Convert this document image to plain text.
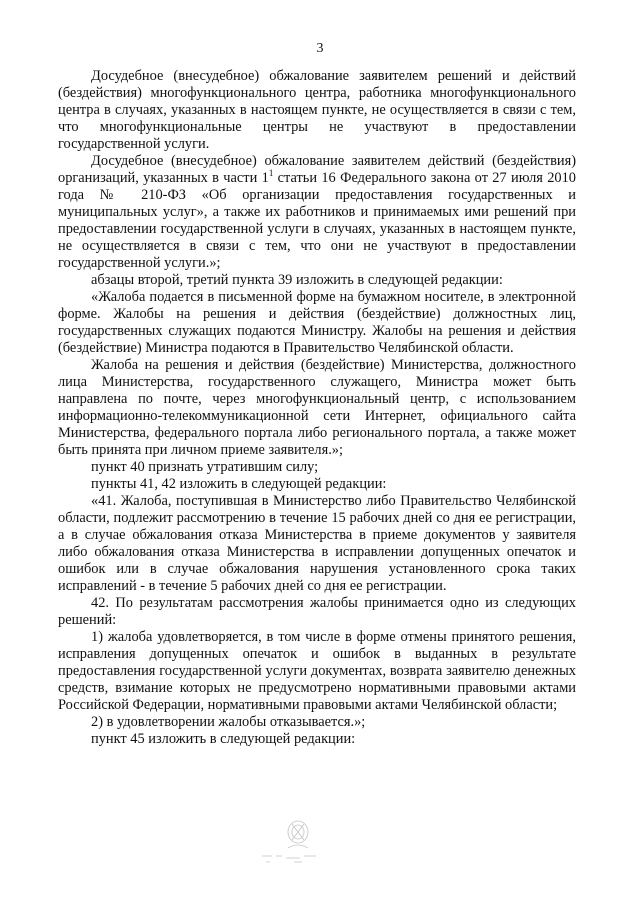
3

Досудебное (внесудебное) обжалование заявителем решений и действий (бездействия) многофункционального центра, работника многофункционального центра в случаях, указанных в настоящем пункте, не осуществляется в связи с тем, что многофункциональные центры не участвуют в предоставлении государственной услуги.

Досудебное (внесудебное) обжалование заявителем действий (бездействия) организаций, указанных в части $1^1$ статьи 16 Федерального закона от 27 июля 2010 года № 210-ФЗ «Об организации предоставления государственных и муниципальных услуг», а также их работников и принимаемых ими решений при предоставлении государственной услуги в случаях, указанных в настоящем пункте, не осуществляется в связи с тем, что они не участвуют в предоставлении государственной услуги.»;

абзацы второй, третий пункта 39 изложить в следующей редакции:

«Жалоба подается в письменной форме на бумажном носителе, в электронной форме. Жалобы на решения и действия (бездействие) должностных лиц, государственных служащих подаются Министру. Жалобы на решения и действия (бездействие) Министра подаются в Правительство Челябинской области.

Жалоба на решения и действия (бездействие) Министерства, должностного лица Министерства, государственного служащего, Министра может быть направлена по почте, через многофункциональный центр, с использованием информационно-телекоммуникационной сети Интернет, официального сайта Министерства, федерального портала либо регионального портала, а также может быть принята при личном приеме заявителя.»;

пункт 40 признать утратившим силу;

пункты 41, 42 изложить в следующей редакции:

«41. Жалоба, поступившая в Министерство либо Правительство Челябинской области, подлежит рассмотрению в течение 15 рабочих дней со дня ее регистрации, а в случае обжалования отказа Министерства в приеме документов у заявителя либо обжалования отказа Министерства в исправлении допущенных опечаток и ошибок или в случае обжалования нарушения установленного срока таких исправлений - в течение 5 рабочих дней со дня ее регистрации.

42. По результатам рассмотрения жалобы принимается одно из следующих решений:

1) жалоба удовлетворяется, в том числе в форме отмены принятого решения, исправления допущенных опечаток и ошибок в выданных в результате предоставления государственной услуги документах, возврата заявителю денежных средств, взимание которых не предусмотрено нормативными правовыми актами Российской Федерации, нормативными правовыми актами Челябинской области;

2) в удовлетворении жалобы отказывается.»;

пункт 45 изложить в следующей редакции:
